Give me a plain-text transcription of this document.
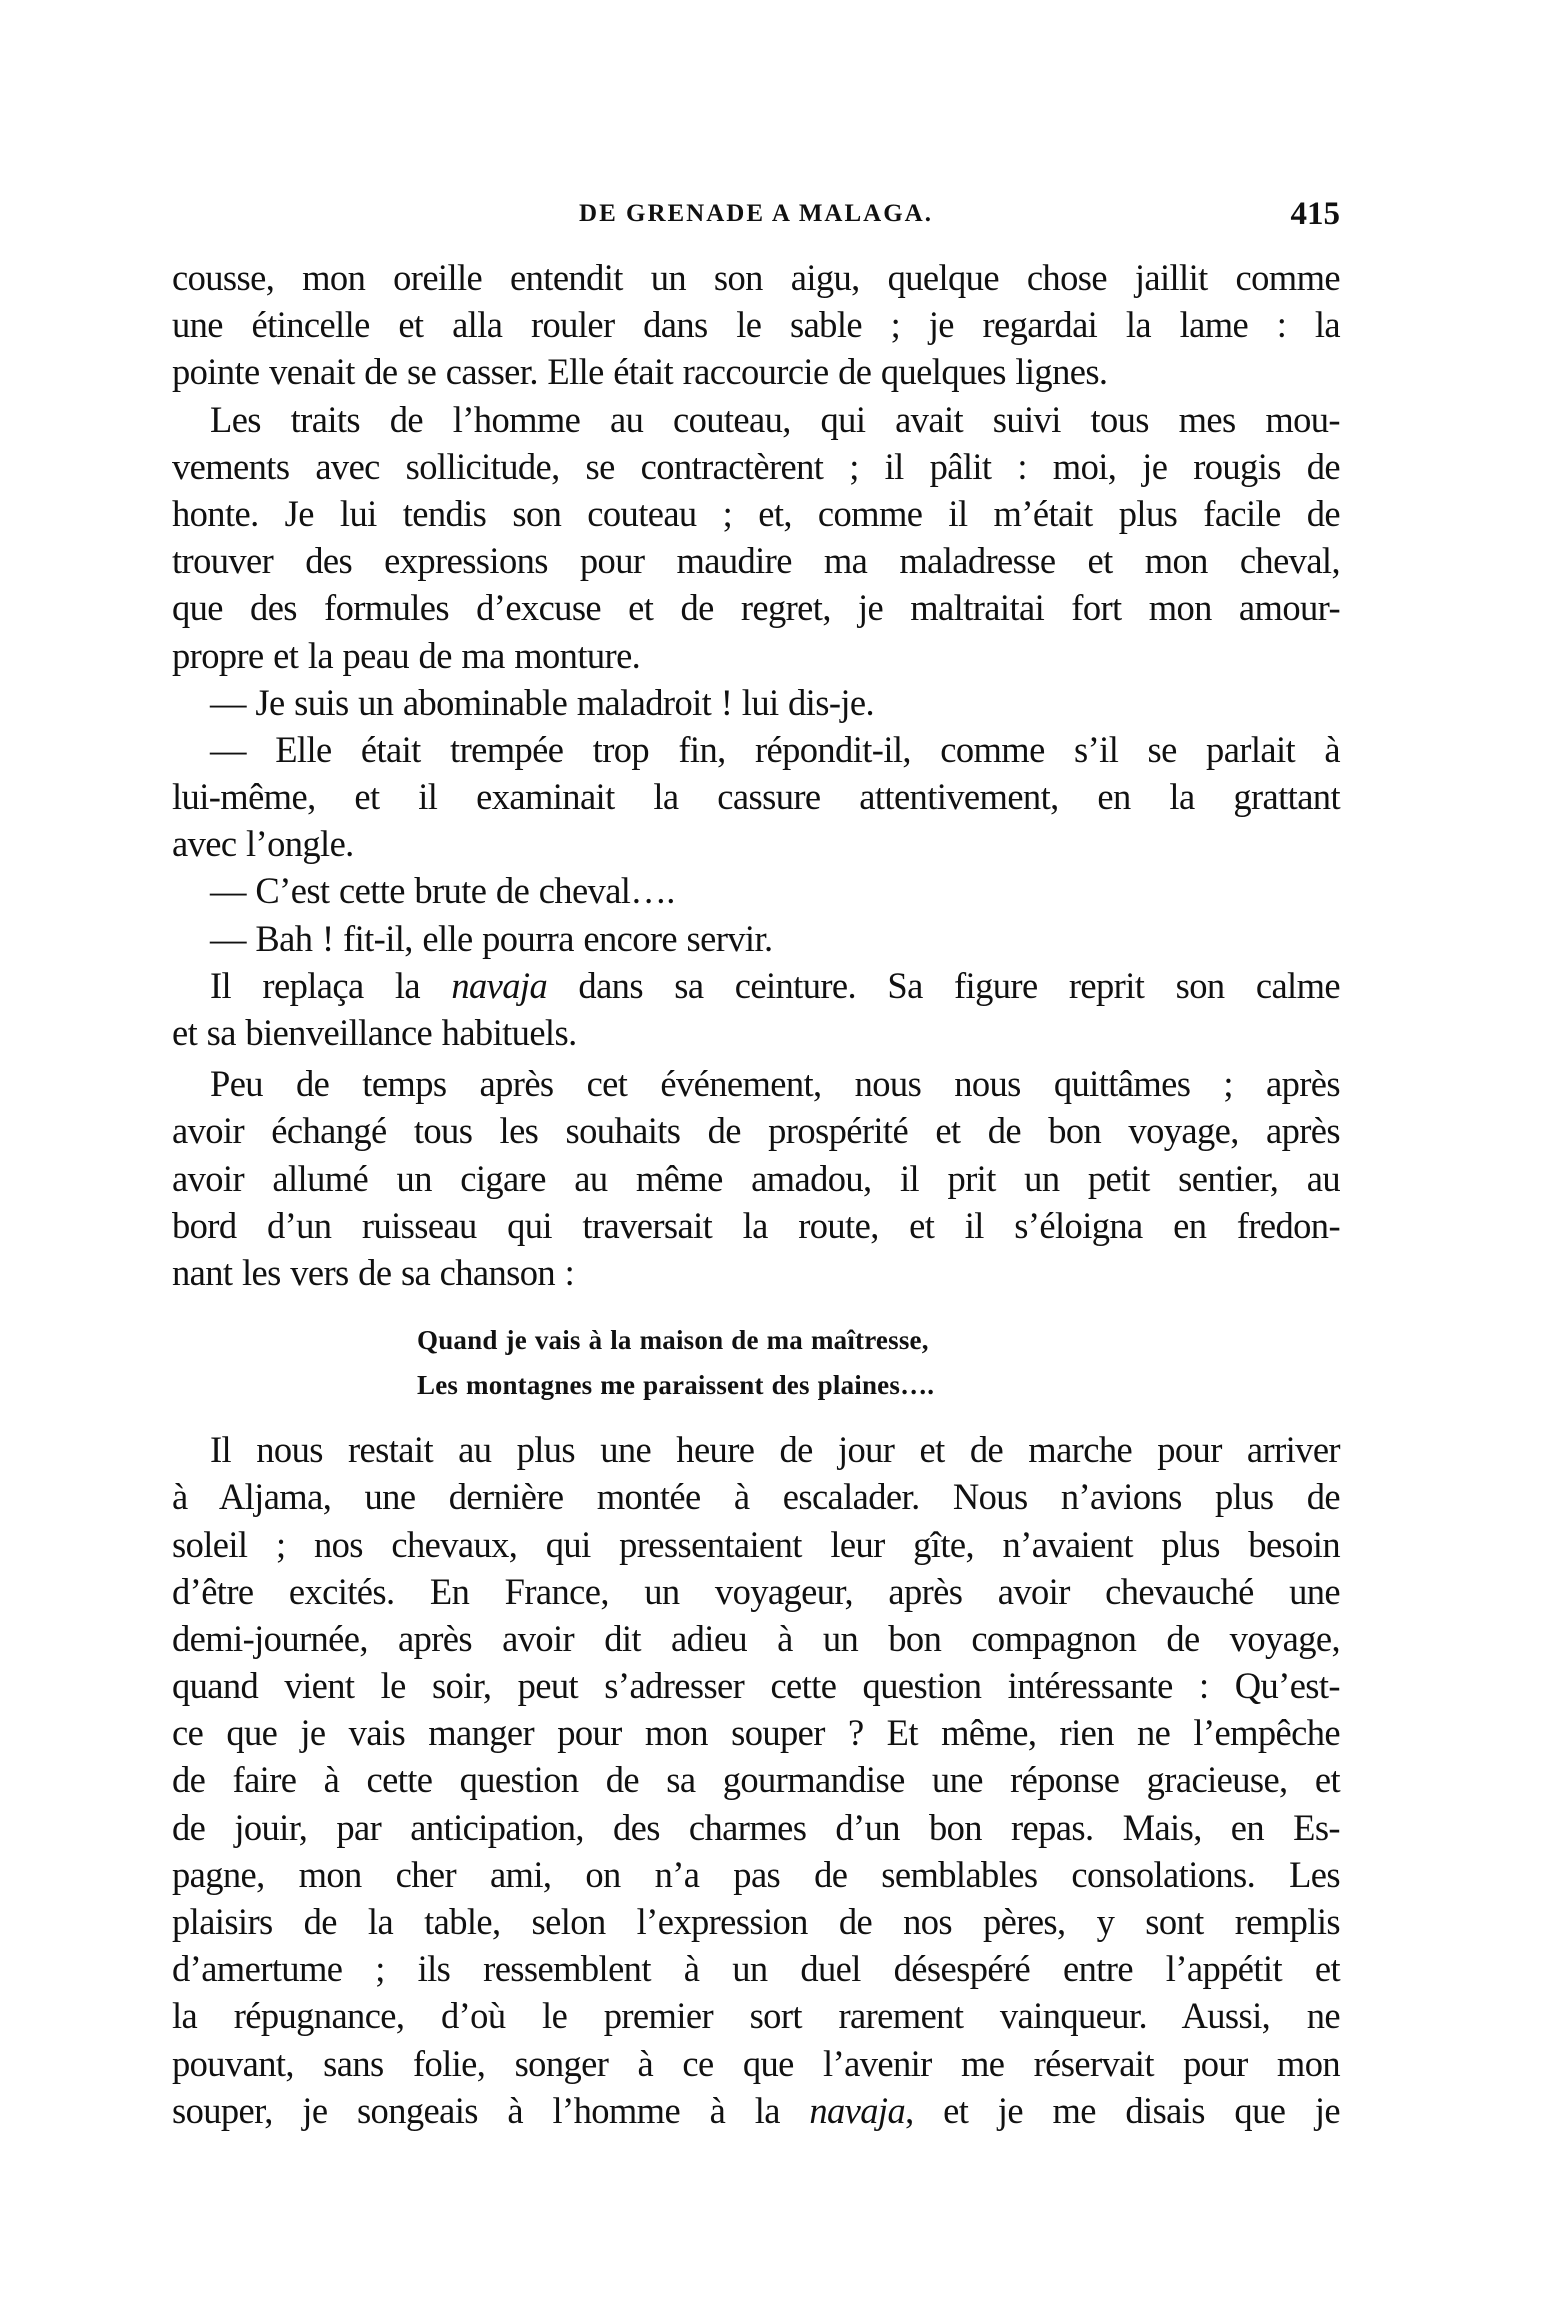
DE GRENADE A MALAGA.	415
cousse, mon oreille entendit un son aigu, quelque chose jaillit comme
une étincelle et alla rouler dans le sable ; je regardai la lame : la
pointe venait de se casser. Elle était raccourcie de quelques lignes.
Les traits de l’homme au couteau, qui avait suivi tous mes mou-
vements avec sollicitude, se contractèrent ; il pâlit : moi, je rougis de
honte. Je lui tendis son couteau ; et, comme il m’était plus facile de
trouver des expressions pour maudire ma maladresse et mon cheval,
que des formules d’excuse et de regret, je maltraitai fort mon amour-
propre et la peau de ma monture.
— Je suis un abominable maladroit ! lui dis-je.
— Elle était trempée trop fin, répondit-il, comme s’il se parlait à
lui-même, et il examinait la cassure attentivement, en la grattant
avec l’ongle.
— C’est cette brute de cheval….
— Bah ! fit-il, elle pourra encore servir.
Il replaça la navaja dans sa ceinture. Sa figure reprit son calme
et sa bienveillance habituels.
Peu de temps après cet événement, nous nous quittâmes ; après
avoir échangé tous les souhaits de prospérité et de bon voyage, après
avoir allumé un cigare au même amadou, il prit un petit sentier, au
bord d’un ruisseau qui traversait la route, et il s’éloigna en fredon-
nant les vers de sa chanson :
Quand je vais à la maison de ma maîtresse,
Les montagnes me paraissent des plaines….
Il nous restait au plus une heure de jour et de marche pour arriver
à Aljama, une dernière montée à escalader. Nous n’avions plus de
soleil ; nos chevaux, qui pressentaient leur gîte, n’avaient plus besoin
d’être excités. En France, un voyageur, après avoir chevauché une
demi-journée, après avoir dit adieu à un bon compagnon de voyage,
quand vient le soir, peut s’adresser cette question intéressante : Qu’est-
ce que je vais manger pour mon souper ? Et même, rien ne l’empêche
de faire à cette question de sa gourmandise une réponse gracieuse, et
de jouir, par anticipation, des charmes d’un bon repas. Mais, en Es-
pagne, mon cher ami, on n’a pas de semblables consolations. Les
plaisirs de la table, selon l’expression de nos pères, y sont remplis
d’amertume ; ils ressemblent à un duel désespéré entre l’appétit et
la répugnance, d’où le premier sort rarement vainqueur. Aussi, ne
pouvant, sans folie, songer à ce que l’avenir me réservait pour mon
souper, je songeais à l’homme à la navaja, et je me disais que je
